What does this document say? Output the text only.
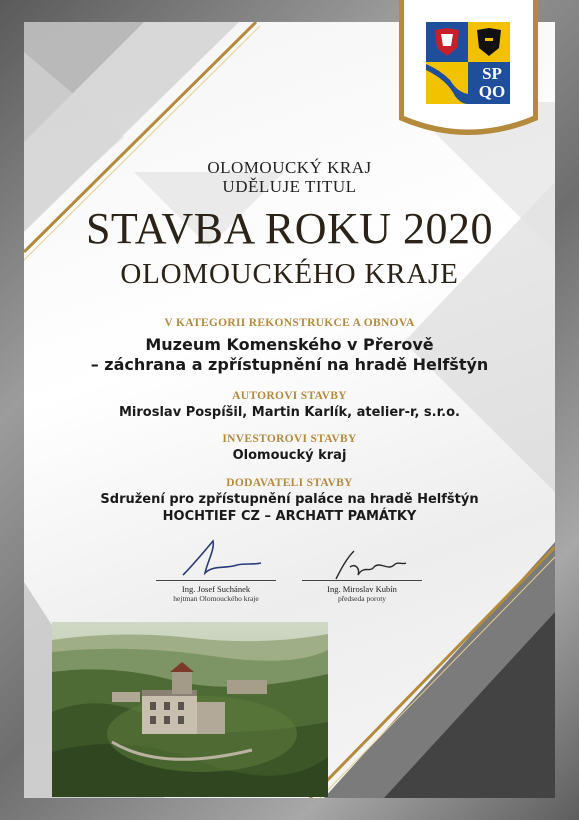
SP
QO

OLOMOUCKÝ KRAJ

UDĚLUJE TITUL

STAVBA ROKU 2020

OLOMOUCKÉHO KRAJE

V KATEGORII REKONSTRUKCE A OBNOVA

Muzeum Komenského v Přerově

– záchrana a zpřístupnění na hradě Helfštýn

AUTOROVI STAVBY

Miroslav Pospíšil, Martin Karlík, atelier-r, s.r.o.

INVESTOROVI STAVBY

Olomoucký kraj

DODAVATELI STAVBY

Sdružení pro zpřístupnění paláce na hradě Helfštýn

HOCHTIEF CZ – ARCHATT PAMÁTKY

Ing. Josef Suchánek
hejtman Olomouckého kraje
Ing. Miroslav Kubín
předseda poroty
